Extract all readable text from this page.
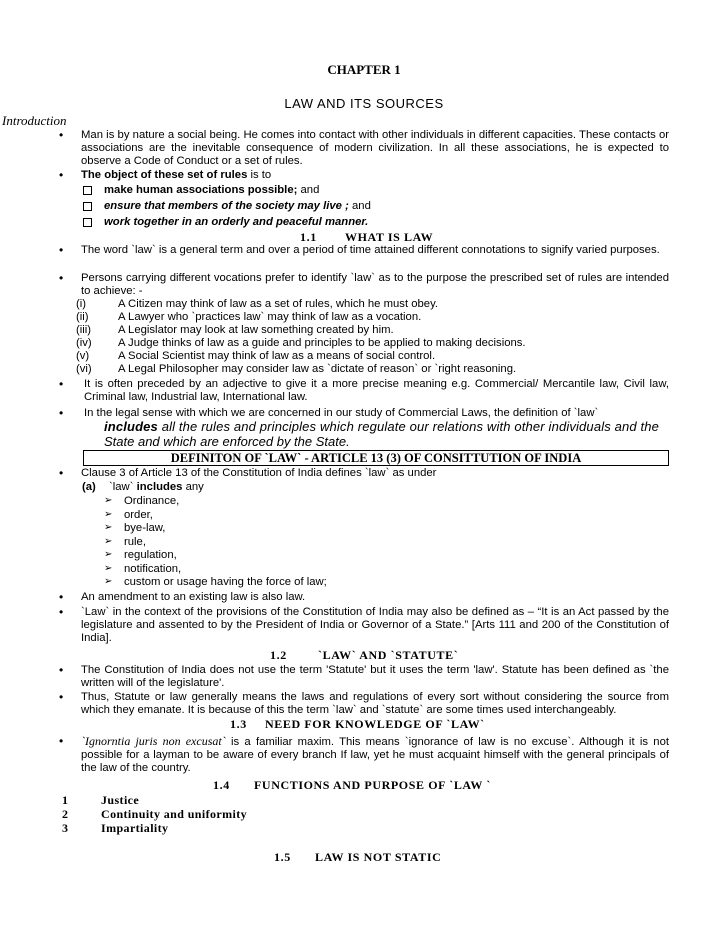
CHAPTER 1
LAW AND ITS SOURCES
Introduction
• Man is by nature a social being. He comes into contact with other individuals in different capacities. These contacts or associations are the inevitable consequence of modern civilization. In all these associations, he is expected to observe a Code of Conduct or a set of rules.
• The object of these set of rules is to
make human associations possible; and
ensure that members of the society may live ; and
work together in an orderly and peaceful manner.
1.1 WHAT IS LAW
• The word `law` is a general term and over a period of time attained different connotations to signify varied purposes.
• Persons carrying different vocations prefer to identify `law` as to the purpose the prescribed set of rules are intended to achieve: -
(i)	A Citizen may think of law as a set of rules, which he must obey.
(ii)	A Lawyer who `practices law` may think of law as a vocation.
(iii) A Legislator may look at law something created by him.
(iv) A Judge thinks of law as a guide and principles to be applied to making decisions.
(v)	A Social Scientist may think of law as a means of social control.
(vi) A Legal Philosopher may consider law as `dictate of reason` or `right reasoning.
• It is often preceded by an adjective to give it a more precise meaning e.g. Commercial/ Mercantile law, Civil law, Criminal law, Industrial law, International law.
• In the legal sense with which we are concerned in our study of Commercial Laws, the definition of `law`
includes all the rules and principles which regulate our relations with other individuals and the
State and which are enforced by the State.
DEFINITON OF `LAW` - ARTICLE 13 (3) OF CONSITTUTION OF INDIA
• Clause 3 of Article 13 of the Constitution of India defines `law` as under
(a) `law` includes any
➢ Ordinance,
➢ order,
➢ bye-law,
➢ rule,
➢ regulation,
➢ notification,
➢ custom or usage having the force of law;
• An amendment to an existing law is also law.
• `Law` in the context of the provisions of the Constitution of India may also be defined as – “It is an Act passed by the legislature and assented to by the President of India or Governor of a State.” [Arts 111 and 200 of the Constitution of India].
1.2	`LAW` AND `STATUTE`
• The Constitution of India does not use the term 'Statute' but it uses the term 'law'. Statute has been defined as `the written will of the legislature'.
• Thus, Statute or law generally means the laws and regulations of every sort without considering the source from which they emanate. It is because of this the term `law` and `statute` are some times used interchangeably.
1.3 NEED FOR KNOWLEDGE OF `LAW`
• `Ignorntia juris non excusat` is a familiar maxim. This means `ignorance of law is no excuse`. Although it is not possible for a layman to be aware of every branch If law, yet he must acquaint himself with the general principals of the law of the country.
1.4 FUNCTIONS AND PURPOSE OF `LAW `
1	Justice
2	Continuity and uniformity
3	Impartiality
1.5 LAW IS NOT STATIC
